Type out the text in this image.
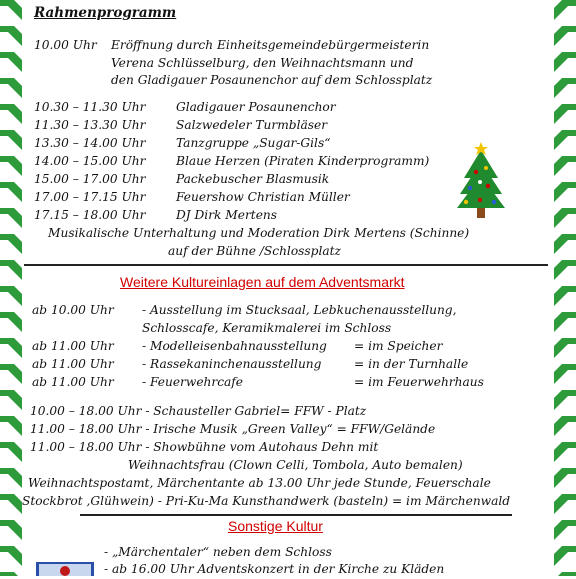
Rahmenprogramm
10.00 Uhr Eröffnung durch Einheitsgemeindebürgermeisterin
Verena Schlüsselburg, den Weihnachtsmann und
den Gladigauer Posaunenchor auf dem Schlossplatz
10.30 – 11.30 Uhr	Gladigauer Posaunenchor
11.30 – 13.30 Uhr	Salzwedeler Turmbläser
13.30 – 14.00 Uhr	Tanzgruppe „Sugar-Gils“
14.00 – 15.00 Uhr	Blaue Herzen (Piraten Kinderprogramm)
15.00 – 17.00 Uhr	Packebuscher Blasmusik
17.00 – 17.15 Uhr	Feuershow Christian Müller
17.15 – 18.00 Uhr	DJ Dirk Mertens
Musikalische Unterhaltung und Moderation Dirk Mertens (Schinne)
auf der Bühne /Schlossplatz
Weitere Kultureinlagen auf dem Adventsmarkt
ab 10.00 Uhr - Ausstellung im Stucksaal, Lebkuchenausstellung,
Schlosscafe, Keramikmalerei im Schloss
ab 11.00 Uhr - Modelleisenbahnausstellung = im Speicher
ab 11.00 Uhr - Rassekaninchenausstellung	= in der Turnhalle
ab 11.00 Uhr - Feuerwehrcafe	= im Feuerwehrhaus
10.00 – 18.00 Uhr - Schausteller Gabriel= FFW - Platz
11.00 – 18.00 Uhr - Irische Musik „Green Valley“ = FFW/Gelände
11.00 – 18.00 Uhr - Showbühne vom Autohaus Dehn mit
Weihnachtsfrau (Clown Celli, Tombola, Auto bemalen)
Weihnachtspostamt, Märchentante ab 13.00 Uhr jede Stunde, Feuerschale
Stockbrot ,Glühwein) - Pri-Ku-Ma Kunsthandwerk (basteln) = im Märchenwald
Sonstige Kultur
- „Märchentaler“ neben dem Schloss
- ab 16.00 Uhr Adventskonzert in der Kirche zu Kläden
